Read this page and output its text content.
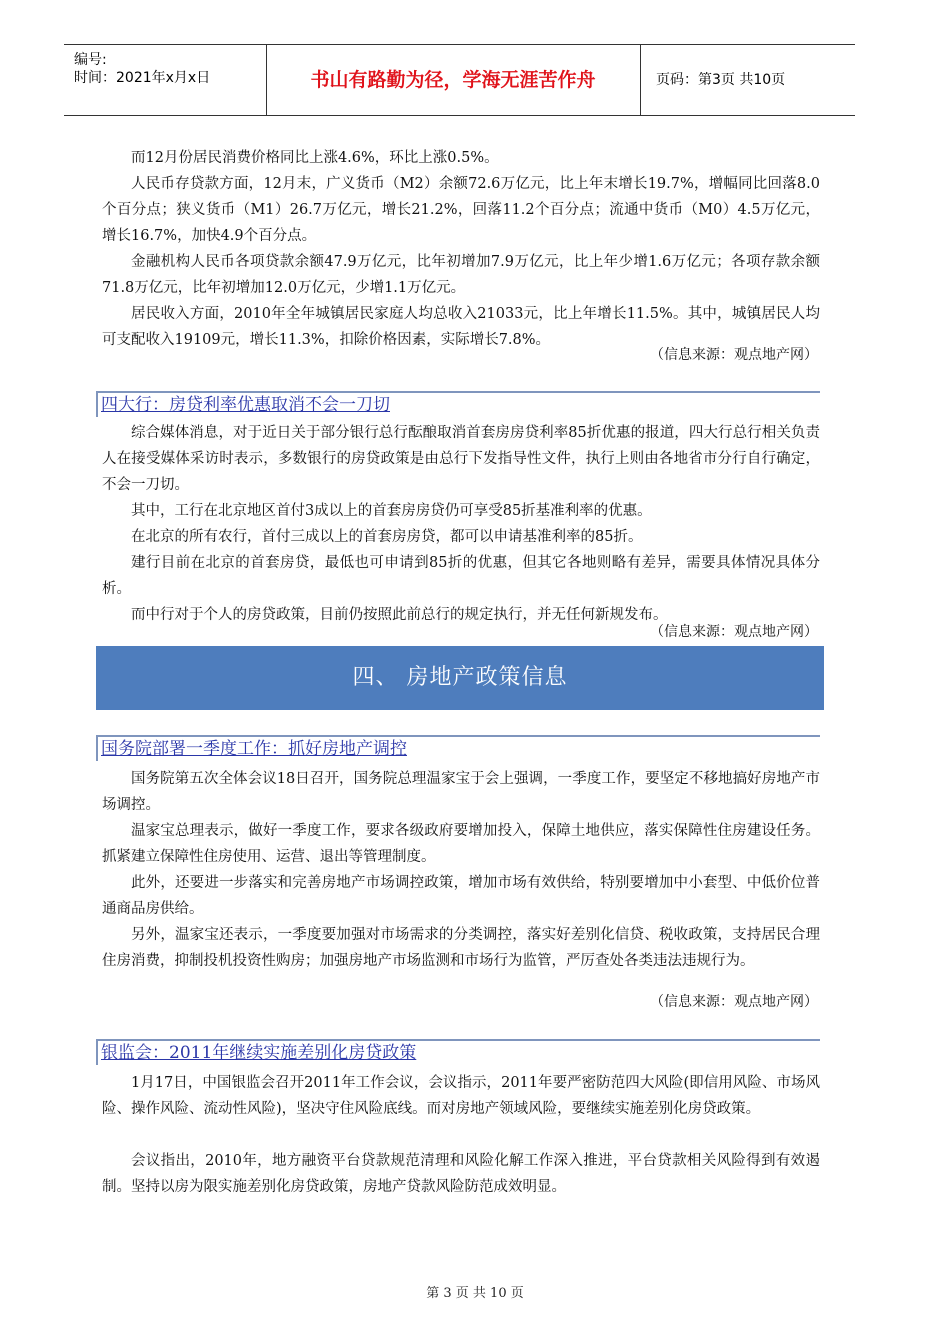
编号:
时间：2021年x月x日	书山有路勤为径，学海无涯苦作舟	页码：第3页 共10页

而12月份居民消费价格同比上涨4.6%，环比上涨0.5%。

人民币存贷款方面，12月末，广义货币（M2）余额72.6万亿元，比上年末增长19.7%，增幅同比回落8.0个百分点；狭义货币（M1）26.7万亿元，增长21.2%，回落11.2个百分点；流通中货币（M0）4.5万亿元，增长16.7%，加快4.9个百分点。

金融机构人民币各项贷款余额47.9万亿元，比年初增加7.9万亿元，比上年少增1.6万亿元；各项存款余额71.8万亿元，比年初增加12.0万亿元，少增1.1万亿元。

居民收入方面，2010年全年城镇居民家庭人均总收入21033元，比上年增长11.5%。其中，城镇居民人均可支配收入19109元，增长11.3%，扣除价格因素，实际增长7.8%。

（信息来源：观点地产网）
四大行：房贷利率优惠取消不会一刀切

综合媒体消息，对于近日关于部分银行总行酝酿取消首套房房贷利率85折优惠的报道，四大行总行相关负责人在接受媒体采访时表示，多数银行的房贷政策是由总行下发指导性文件，执行上则由各地省市分行自行确定，不会一刀切。

其中，工行在北京地区首付3成以上的首套房房贷仍可享受85折基准利率的优惠。

在北京的所有农行，首付三成以上的首套房房贷，都可以申请基准利率的85折。

建行目前在北京的首套房贷，最低也可申请到85折的优惠，但其它各地则略有差异，需要具体情况具体分析。

而中行对于个人的房贷政策，目前仍按照此前总行的规定执行，并无任何新规发布。

（信息来源：观点地产网）
四、 房地产政策信息
国务院部署一季度工作：抓好房地产调控

国务院第五次全体会议18日召开，国务院总理温家宝于会上强调，一季度工作，要坚定不移地搞好房地产市场调控。

温家宝总理表示，做好一季度工作，要求各级政府要增加投入，保障土地供应，落实保障性住房建设任务。抓紧建立保障性住房使用、运营、退出等管理制度。

此外，还要进一步落实和完善房地产市场调控政策，增加市场有效供给，特别要增加中小套型、中低价位普通商品房供给。

另外，温家宝还表示，一季度要加强对市场需求的分类调控，落实好差别化信贷、税收政策，支持居民合理住房消费，抑制投机投资性购房；加强房地产市场监测和市场行为监管，严厉查处各类违法违规行为。

（信息来源：观点地产网）
银监会：2011年继续实施差别化房贷政策

1月17日，中国银监会召开2011年工作会议，会议指示，2011年要严密防范四大风险(即信用风险、市场风险、操作风险、流动性风险)，坚决守住风险底线。而对房地产领域风险，要继续实施差别化房贷政策。

会议指出，2010年，地方融资平台贷款规范清理和风险化解工作深入推进，平台贷款相关风险得到有效遏制。坚持以房为限实施差别化房贷政策，房地产贷款风险防范成效明显。

第 3 页 共 10 页
